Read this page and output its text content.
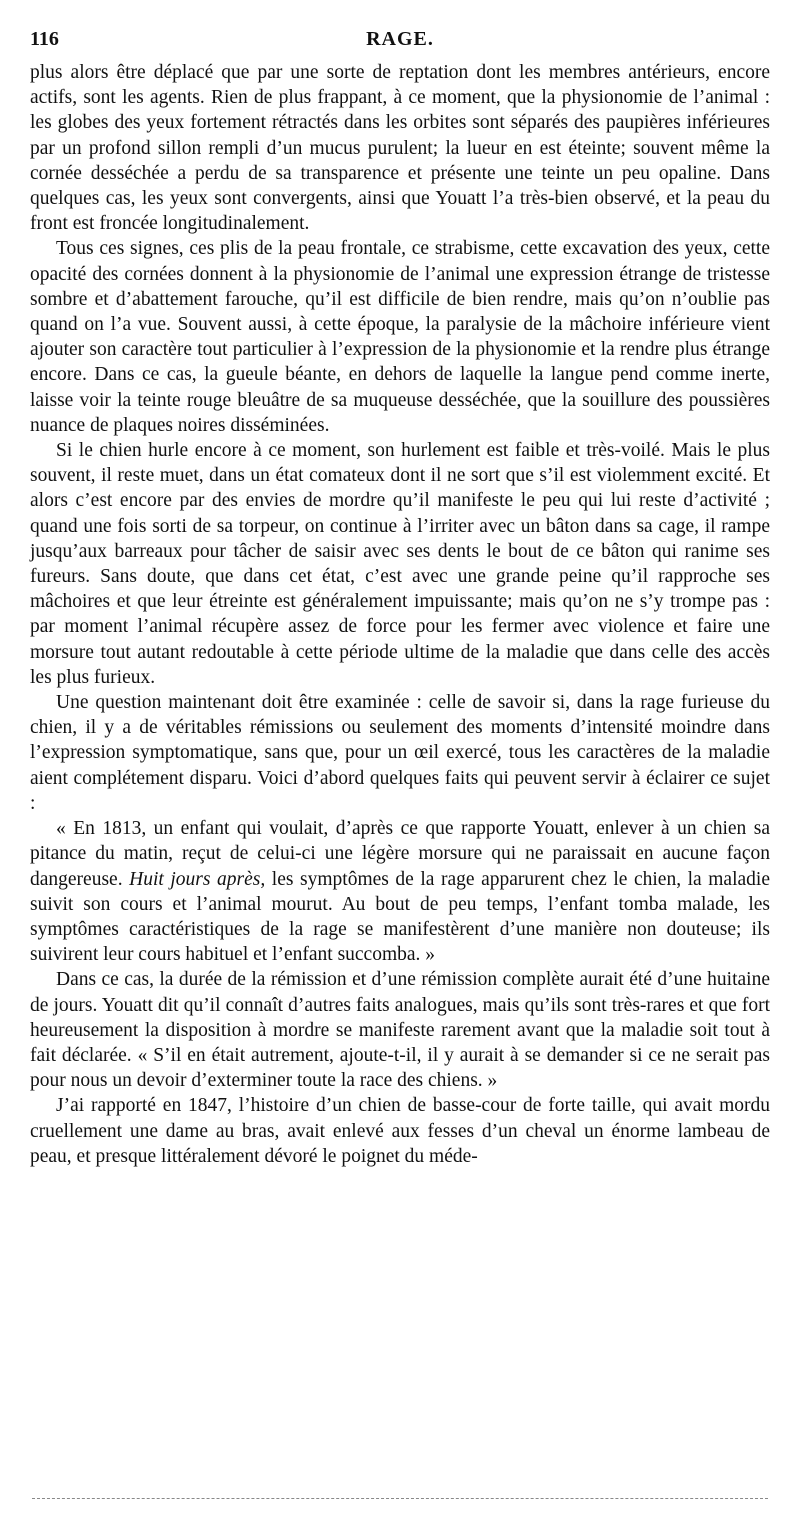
116	RAGE.

plus alors être déplacé que par une sorte de reptation dont les membres antérieurs, encore actifs, sont les agents. Rien de plus frappant, à ce moment, que la physionomie de l’animal : les globes des yeux fortement rétractés dans les orbites sont séparés des paupières inférieures par un profond sillon rempli d’un mucus purulent; la lueur en est éteinte; souvent même la cornée desséchée a perdu de sa transparence et présente une teinte un peu opaline. Dans quelques cas, les yeux sont convergents, ainsi que Youatt l’a très-bien observé, et la peau du front est froncée longitudinalement.

Tous ces signes, ces plis de la peau frontale, ce strabisme, cette excavation des yeux, cette opacité des cornées donnent à la physionomie de l’animal une expression étrange de tristesse sombre et d’abattement farouche, qu’il est difficile de bien rendre, mais qu’on n’oublie pas quand on l’a vue. Souvent aussi, à cette époque, la paralysie de la mâchoire inférieure vient ajouter son caractère tout particulier à l’expression de la physionomie et la rendre plus étrange encore. Dans ce cas, la gueule béante, en dehors de laquelle la langue pend comme inerte, laisse voir la teinte rouge bleuâtre de sa muqueuse desséchée, que la souillure des poussières nuance de plaques noires disséminées.

Si le chien hurle encore à ce moment, son hurlement est faible et très-voilé. Mais le plus souvent, il reste muet, dans un état comateux dont il ne sort que s’il est violemment excité. Et alors c’est encore par des envies de mordre qu’il manifeste le peu qui lui reste d’activité ; quand une fois sorti de sa torpeur, on continue à l’irriter avec un bâton dans sa cage, il rampe jusqu’aux barreaux pour tâcher de saisir avec ses dents le bout de ce bâton qui ranime ses fureurs. Sans doute, que dans cet état, c’est avec une grande peine qu’il rapproche ses mâchoires et que leur étreinte est généralement impuissante; mais qu’on ne s’y trompe pas : par moment l’animal récupère assez de force pour les fermer avec violence et faire une morsure tout autant redoutable à cette période ultime de la maladie que dans celle des accès les plus furieux.

Une question maintenant doit être examinée : celle de savoir si, dans la rage furieuse du chien, il y a de véritables rémissions ou seulement des moments d’intensité moindre dans l’expression symptomatique, sans que, pour un œil exercé, tous les caractères de la maladie aient complétement disparu. Voici d’abord quelques faits qui peuvent servir à éclairer ce sujet :

« En 1813, un enfant qui voulait, d’après ce que rapporte Youatt, enlever à un chien sa pitance du matin, reçut de celui-ci une légère morsure qui ne paraissait en aucune façon dangereuse. Huit jours après, les symptômes de la rage apparurent chez le chien, la maladie suivit son cours et l’animal mourut. Au bout de peu temps, l’enfant tomba malade, les symptômes caractéristiques de la rage se manifestèrent d’une manière non douteuse; ils suivirent leur cours habituel et l’enfant succomba. »

Dans ce cas, la durée de la rémission et d’une rémission complète aurait été d’une huitaine de jours. Youatt dit qu’il connaît d’autres faits analogues, mais qu’ils sont très-rares et que fort heureusement la disposition à mordre se manifeste rarement avant que la maladie soit tout à fait déclarée. « S’il en était autrement, ajoute-t-il, il y aurait à se demander si ce ne serait pas pour nous un devoir d’exterminer toute la race des chiens. »

J’ai rapporté en 1847, l’histoire d’un chien de basse-cour de forte taille, qui avait mordu cruellement une dame au bras, avait enlevé aux fesses d’un cheval un énorme lambeau de peau, et presque littéralement dévoré le poignet du méde-
